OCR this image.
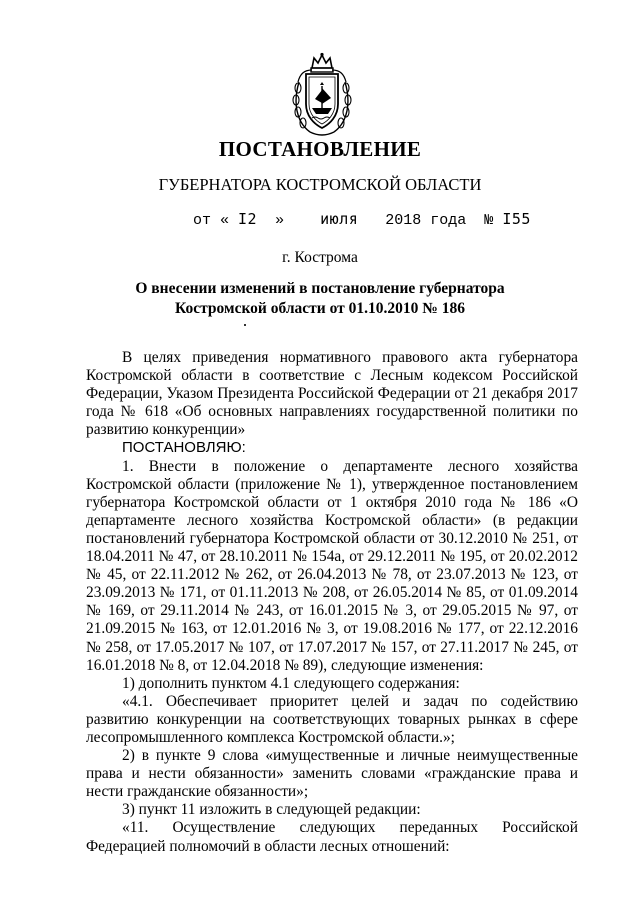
ПОСТАНОВЛЕНИЕ
ГУБЕРНАТОРА КОСТРОМСКОЙ ОБЛАСТИ
от « I2 » июля 2018 года № I55
г. Кострома
О внесении изменений в постановление губернатора
Костромской области от 01.10.2010 № 186

В целях приведения нормативного правового акта губернатора Костромской области в соответствие с Лесным кодексом Российской Федерации, Указом Президента Российской Федерации от 21 декабря 2017 года № 618 «Об основных направлениях государственной политики по развитию конкуренции»

ПОСТАНОВЛЯЮ:

1. Внести в положение о департаменте лесного хозяйства Костромской области (приложение № 1), утвержденное постановлением губернатора Костромской области от 1 октября 2010 года № 186 «О департаменте лесного хозяйства Костромской области» (в редакции постановлений губернатора Костромской области от 30.12.2010 № 251, от 18.04.2011 № 47, от 28.10.2011 № 154а, от 29.12.2011 № 195, от 20.02.2012 № 45, от 22.11.2012 № 262, от 26.04.2013 № 78, от 23.07.2013 № 123, от 23.09.2013 № 171, от 01.11.2013 № 208, от 26.05.2014 № 85, от 01.09.2014 № 169, от 29.11.2014 № 243, от 16.01.2015 № 3, от 29.05.2015 № 97, от 21.09.2015 № 163, от 12.01.2016 № 3, от 19.08.2016 № 177, от 22.12.2016 № 258, от 17.05.2017 № 107, от 17.07.2017 № 157, от 27.11.2017 № 245, от 16.01.2018 № 8, от 12.04.2018 № 89), следующие изменения:

1) дополнить пунктом 4.1 следующего содержания:

«4.1. Обеспечивает приоритет целей и задач по содействию развитию конкуренции на соответствующих товарных рынках в сфере лесопромышленного комплекса Костромской области.»;

2) в пункте 9 слова «имущественные и личные неимущественные права и нести обязанности» заменить словами «гражданские права и нести гражданские обязанности»;

3) пункт 11 изложить в следующей редакции:

«11. Осуществление следующих переданных Российской Федерацией полномочий в области лесных отношений:
